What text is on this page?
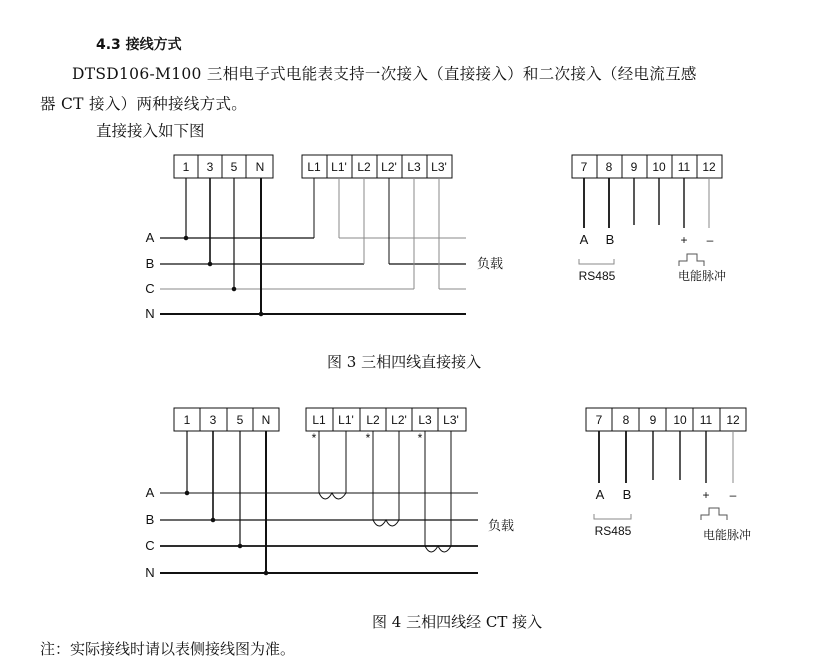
4.3 接线方式
DTSD106-M100 三相电子式电能表支持一次接入（直接接入）和二次接入（经电流互感
器 CT 接入）两种接线方式。
直接接入如下图
1 3 5 N	L1 L1' L2 L2' L3 L3'	7 8 9 10 11 12
A
B
C
N
负载
A B
RS485
+ –
电能脉冲
1 3 5 N	L1 L1' L2 L2' L3 L3'	7 8 9 10 11 12
*	*	*
A
B
C
N
负载
A B
RS485
+ –
电能脉冲
图 3 三相四线直接接入
图 4 三相四线经 CT 接入
注：实际接线时请以表侧接线图为准。
